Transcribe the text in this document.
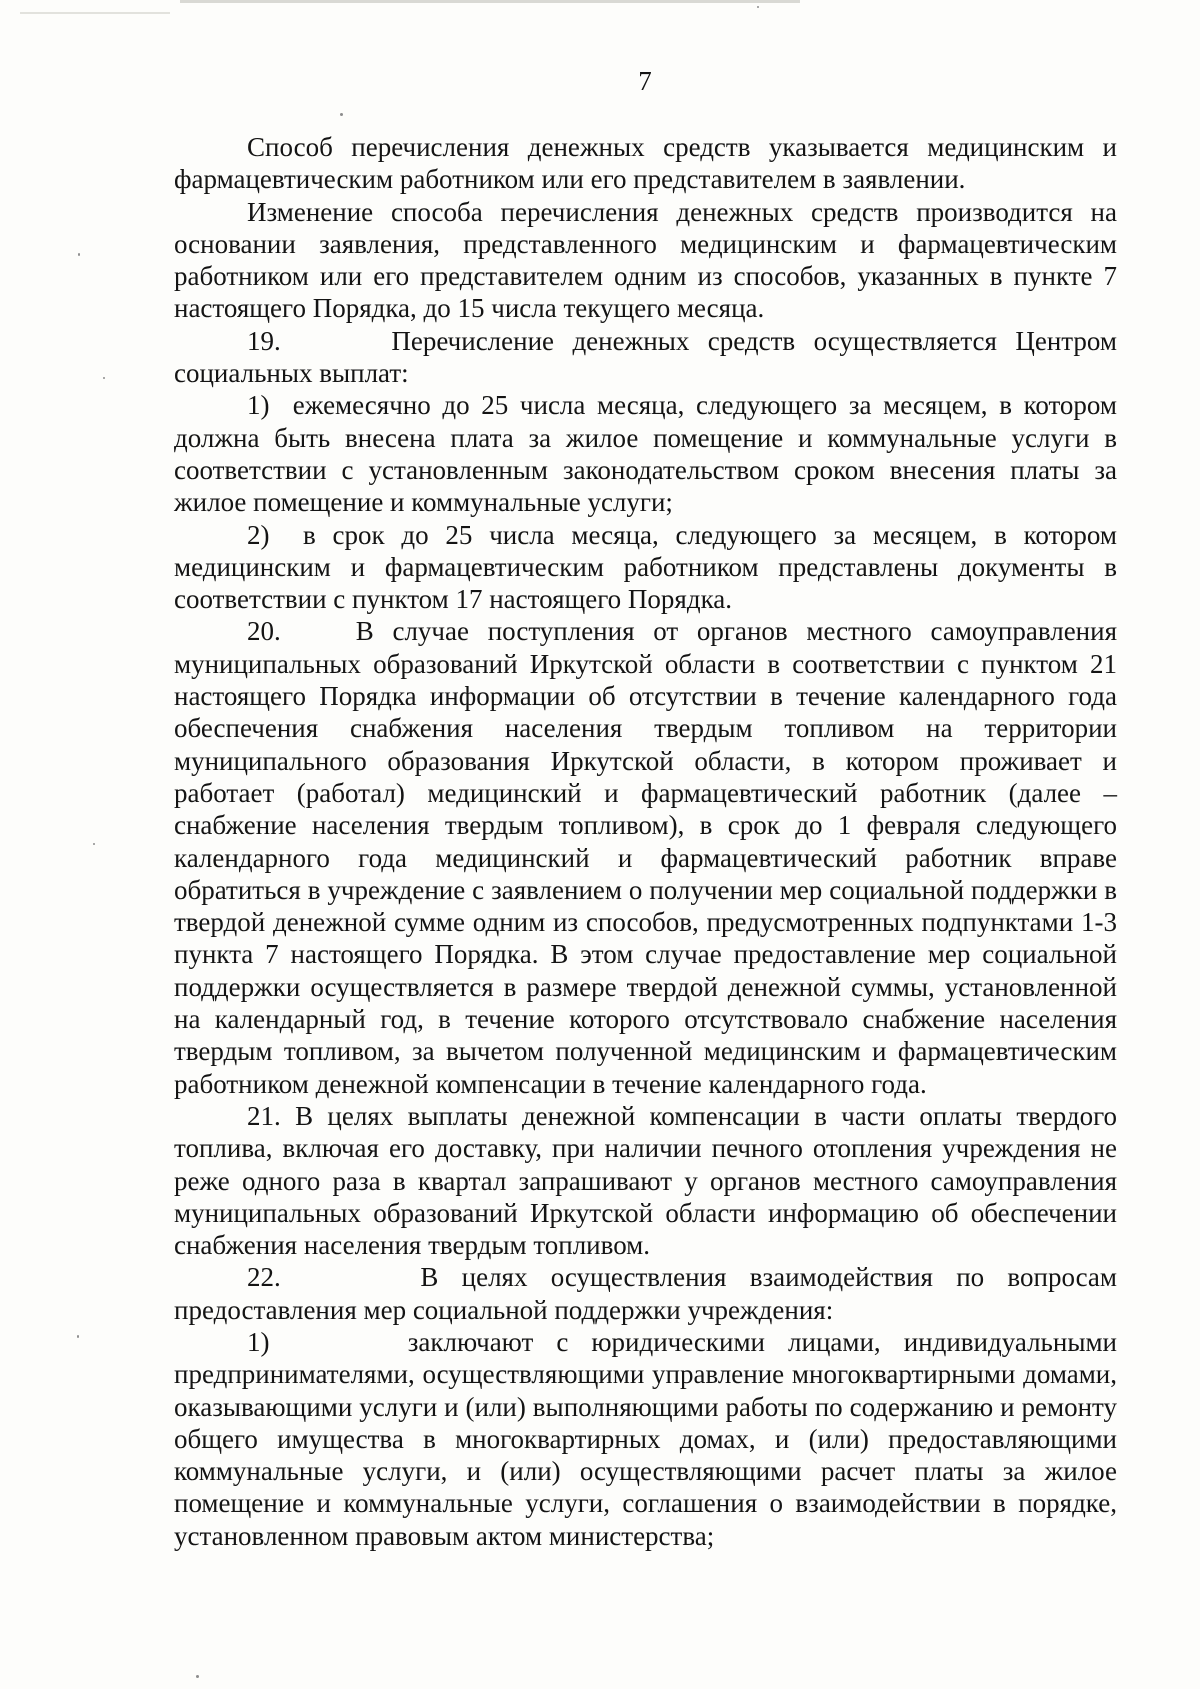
7

Способ перечисления денежных средств указывается медицинским и фармацевтическим работником или его представителем в заявлении.

Изменение способа перечисления денежных средств производится на основании заявления, представленного медицинским и фармацевтическим работником или его представителем одним из способов, указанных в пункте 7 настоящего Порядка, до 15 числа текущего месяца.

19.      Перечисление денежных средств осуществляется Центром социальных выплат:

1)  ежемесячно до 25 числа месяца, следующего за месяцем, в котором должна быть внесена плата за жилое помещение и коммунальные услуги в соответствии с установленным законодательством сроком внесения платы за жилое помещение и коммунальные услуги;

2)  в срок до 25 числа месяца, следующего за месяцем, в котором медицинским и фармацевтическим работником представлены документы в соответствии с пунктом 17 настоящего Порядка.

20.    В случае поступления от органов местного самоуправления муниципальных образований Иркутской области в соответствии с пунктом 21 настоящего Порядка информации об отсутствии в течение календарного года обеспечения снабжения населения твердым топливом на территории муниципального образования Иркутской области, в котором проживает и работает (работал) медицинский и фармацевтический работник (далее – снабжение населения твердым топливом), в срок до 1 февраля следующего календарного года медицинский и фармацевтический работник вправе обратиться в учреждение с заявлением о получении мер социальной поддержки в твердой денежной сумме одним из способов, предусмотренных подпунктами 1-3 пункта 7 настоящего Порядка. В этом случае предоставление мер социальной поддержки осуществляется в размере твердой денежной суммы, установленной на календарный год, в течение которого отсутствовало снабжение населения твердым топливом, за вычетом полученной медицинским и фармацевтическим работником денежной компенсации в течение календарного года.

21. В целях выплаты денежной компенсации в части оплаты твердого топлива, включая его доставку, при наличии печного отопления учреждения не реже одного раза в квартал запрашивают у органов местного самоуправления муниципальных образований Иркутской области информацию об обеспечении снабжения населения твердым топливом.

22.      В целях осуществления взаимодействия по вопросам предоставления мер социальной поддержки учреждения:

1)      заключают с юридическими лицами, индивидуальными предпринимателями, осуществляющими управление многоквартирными домами, оказывающими услуги и (или) выполняющими работы по содержанию и ремонту общего имущества в многоквартирных домах, и (или) предоставляющими коммунальные услуги, и (или) осуществляющими расчет платы за жилое помещение и коммунальные услуги, соглашения о взаимодействии в порядке, установленном правовым актом министерства;
